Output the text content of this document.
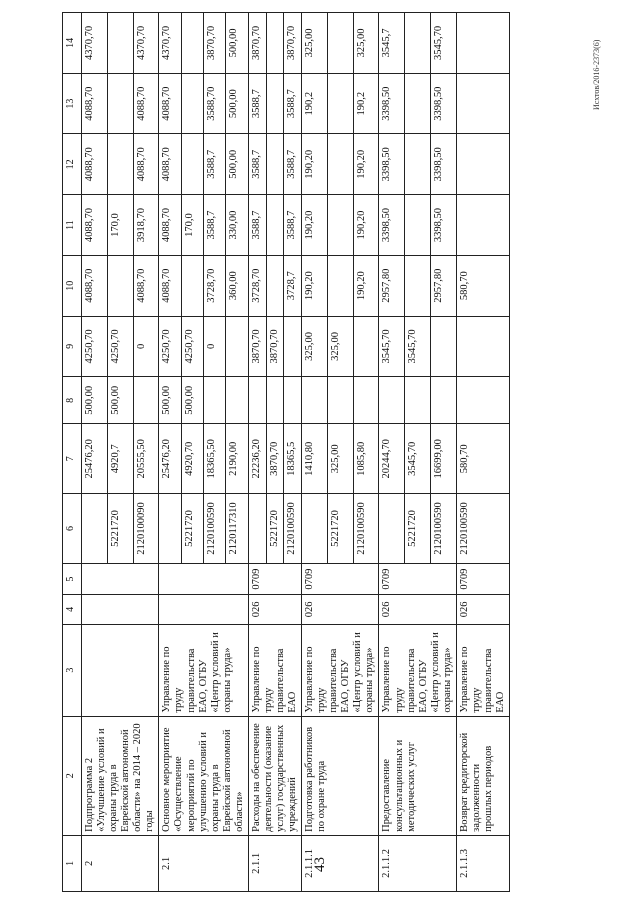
43
Исхтов/2016-2373(6)
1	2	3	4	5	6	7	8	9	10	11	12	13	14
2	Подпрограмма 2 «Улучшение условий и охраны труда в Еврейской автономной области» на 2014 – 2020 годы					25476,20	500,00	4250,70	4088,70	4088,70	4088,70	4088,70	4370,70
					5221720	4920,7	500,00	4250,70		170,0			
					2120100090	20555,50		0	4088,70	3918,70	4088,70	4088,70	4370,70
2.1	Основное мероприятие «Осуществление мероприятий по улучшению условий и охраны труда в Еврейской автономной области»	Управление по труду правительства ЕАО, ОГБУ «Центр условий и охраны труда»				25476,20	500,00	4250,70	4088,70	4088,70	4088,70	4088,70	4370,70
					5221720	4920,70	500,00	4250,70		170,0			
					2120100590	18365,50		0	3728,70	3588,7	3588,7	3588,70	3870,70
					2120117310	2190,00			360,00	330,00	500,00	500,00	500,00
2.1.1	Расходы на обеспечение деятельности (оказание услуг) государственных учреждений	Управление по труду правительства ЕАО	026	0709		22236,20		3870,70	3728,70	3588,7	3588,7	3588,7	3870,70
					5221720	3870,70		3870,70					
					2120100590	18365,5			3728,7	3588,7	3588,7	3588,7	3870,70
2.1.1.1	Подготовка работников по охране труда	Управление по труду правительства ЕАО, ОГБУ «Центр условий и охраны труда»	026	0709		1410,80		325,00	190,20	190,20	190,20	190,2	325,00
					5221720	325,00		325,00					
					2120100590	1085,80			190,20	190,20	190,20	190,2	325,00
2.1.1.2	Предоставление консультационных и методических услуг	Управление по труду правительства ЕАО, ОГБУ «Центр условий и охраны труда»	026	0709		20244,70		3545,70	2957,80	3398,50	3398,50	3398,50	3545,7
					5221720	3545,70		3545,70					
					2120100590	16699,00			2957,80	3398,50	3398,50	3398,50	3545,70
2.1.1.3	Возврат кредиторской задолженности прошлых периодов	Управление по труду правительства ЕАО	026	0709	2120100590	580,70			580,70				
